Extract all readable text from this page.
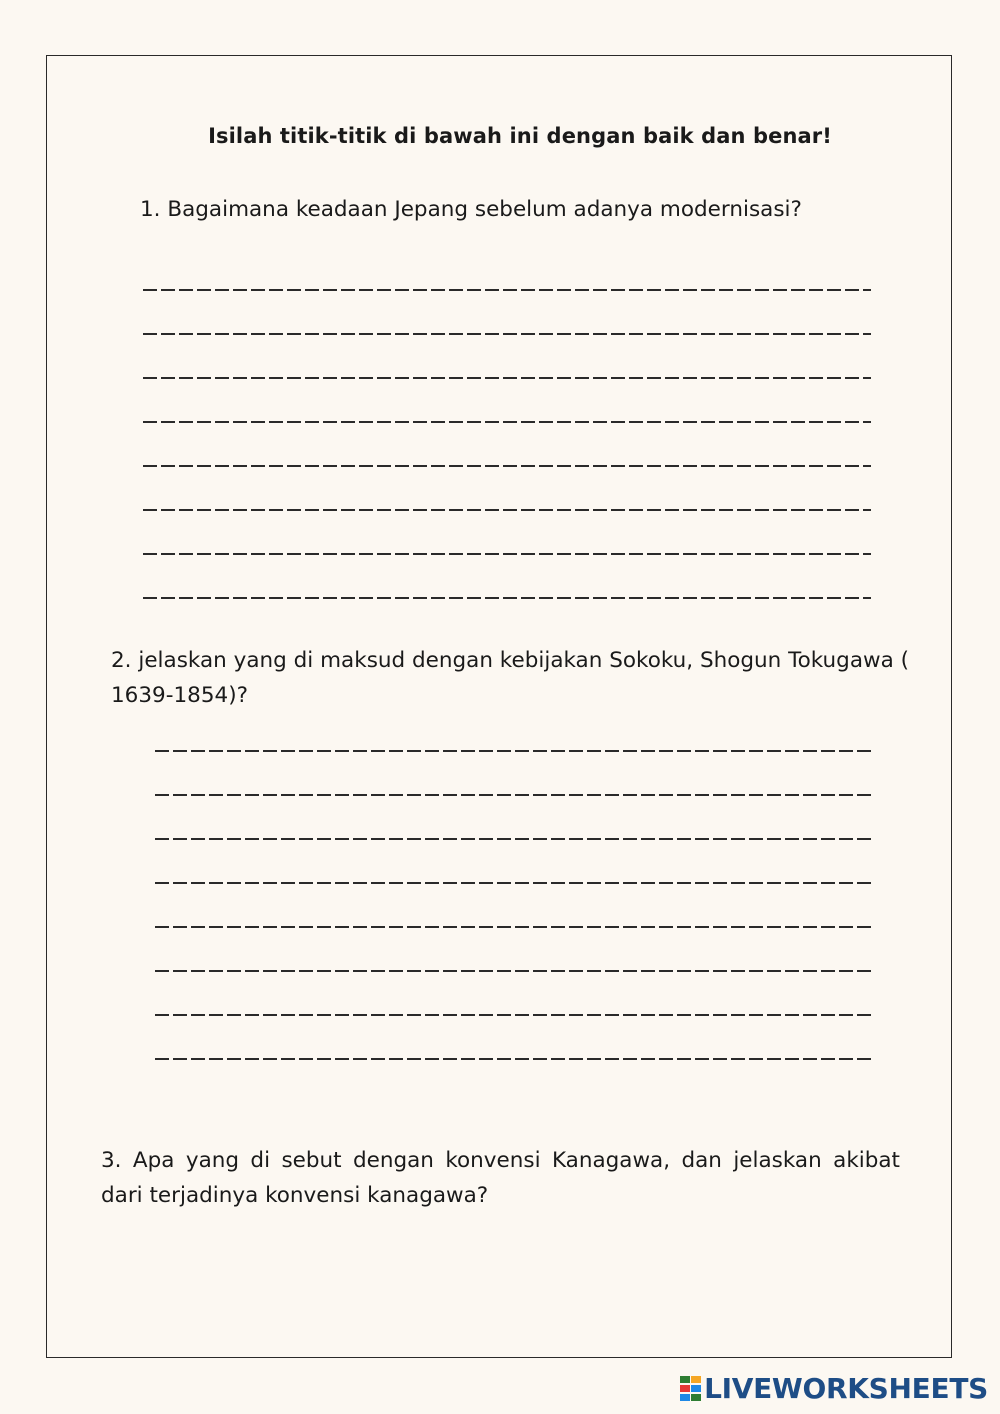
Isilah titik-titik di bawah ini dengan baik dan benar!
1. Bagaimana keadaan Jepang sebelum adanya modernisasi?
2. jelaskan yang di maksud dengan kebijakan Sokoku, Shogun Tokugawa ( 1639-1854)?
3. Apa yang di sebut dengan konvensi Kanagawa, dan jelaskan akibat dari terjadinya konvensi kanagawa?
LIVEWORKSHEETS
